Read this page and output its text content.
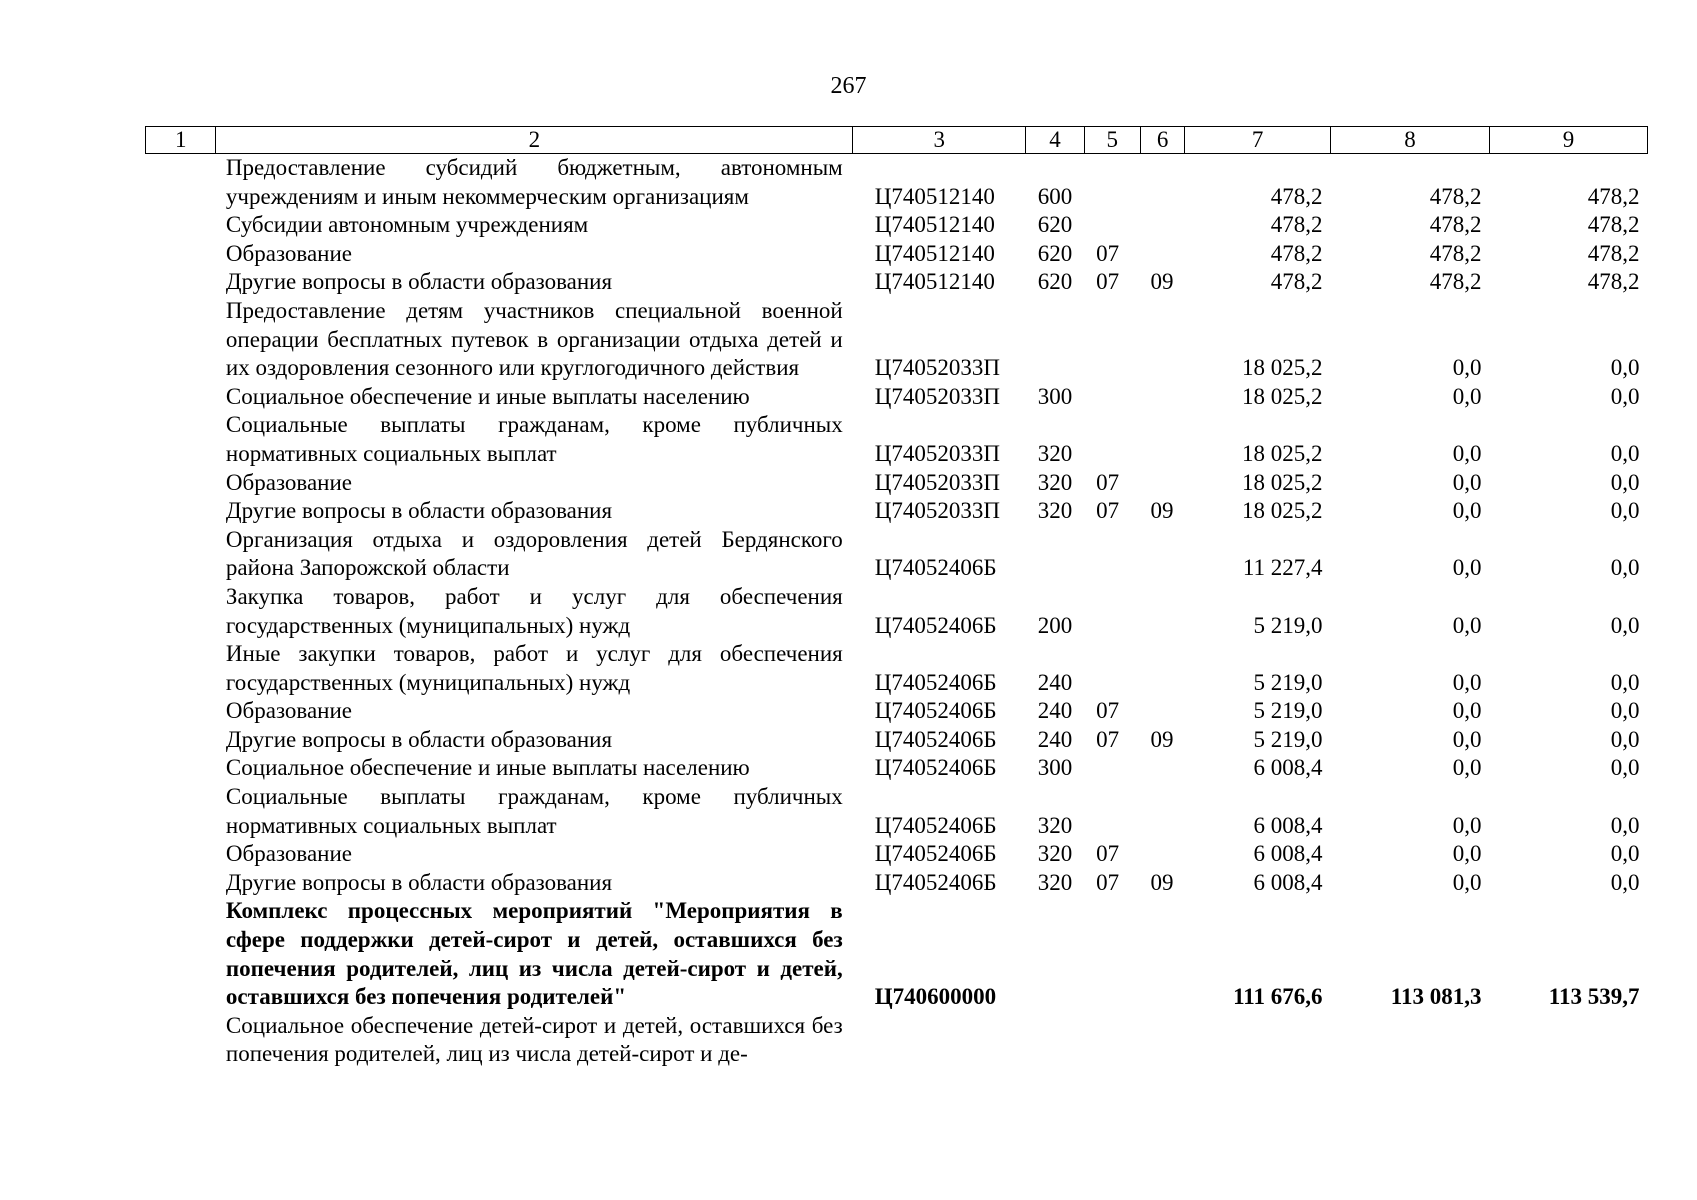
267
1	2	3	4	5	6	7	8	9
	Предоставление субсидий бюджетным, автономным учреждениям и иным некоммерческим организациям	Ц740512140	600			478,2	478,2	478,2
	Субсидии автономным учреждениям	Ц740512140	620			478,2	478,2	478,2
	Образование	Ц740512140	620	07		478,2	478,2	478,2
	Другие вопросы в области образования	Ц740512140	620	07	09	478,2	478,2	478,2
	Предоставление детям участников специальной военной операции бесплатных путевок в организации отдыха детей и их оздоровления сезонного или круглогодичного действия	Ц74052033П				18 025,2	0,0	0,0
	Социальное обеспечение и иные выплаты населению	Ц74052033П	300			18 025,2	0,0	0,0
	Социальные выплаты гражданам, кроме публичных нормативных социальных выплат	Ц74052033П	320			18 025,2	0,0	0,0
	Образование	Ц74052033П	320	07		18 025,2	0,0	0,0
	Другие вопросы в области образования	Ц74052033П	320	07	09	18 025,2	0,0	0,0
	Организация отдыха и оздоровления детей Бердянского района Запорожской области	Ц74052406Б				11 227,4	0,0	0,0
	Закупка товаров, работ и услуг для обеспечения государственных (муниципальных) нужд	Ц74052406Б	200			5 219,0	0,0	0,0
	Иные закупки товаров, работ и услуг для обеспечения государственных (муниципальных) нужд	Ц74052406Б	240			5 219,0	0,0	0,0
	Образование	Ц74052406Б	240	07		5 219,0	0,0	0,0
	Другие вопросы в области образования	Ц74052406Б	240	07	09	5 219,0	0,0	0,0
	Социальное обеспечение и иные выплаты населению	Ц74052406Б	300			6 008,4	0,0	0,0
	Социальные выплаты гражданам, кроме публичных нормативных социальных выплат	Ц74052406Б	320			6 008,4	0,0	0,0
	Образование	Ц74052406Б	320	07		6 008,4	0,0	0,0
	Другие вопросы в области образования	Ц74052406Б	320	07	09	6 008,4	0,0	0,0
	Комплекс процессных мероприятий "Мероприятия в сфере поддержки детей-сирот и детей, оставшихся без попечения родителей, лиц из числа детей-сирот и детей, оставшихся без попечения родителей"	Ц740600000				111 676,6	113 081,3	113 539,7
	Социальное обеспечение детей-сирот и детей, оставшихся без попечения родителей, лиц из числа детей-сирот и де-							
